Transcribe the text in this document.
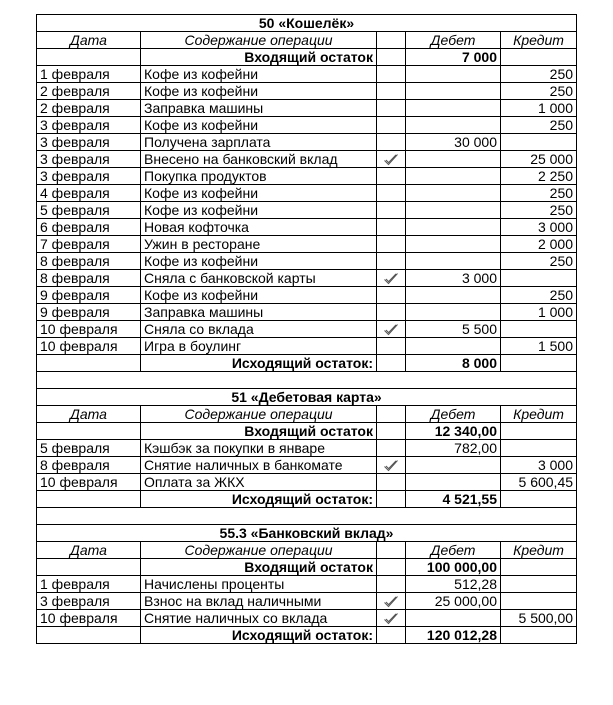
50 «Кошелёк»				
Дата	Содержание операции		Дебет	Кредит
	Входящий остаток		7 000	
1 февраля	Кофе из кофейни			250
2 февраля	Кофе из кофейни			250
2 февраля	Заправка машины			1 000
3 февраля	Кофе из кофейни			250
3 февраля	Получена зарплата		30 000	
3 февраля	Внесено на банковский вклад			25 000
3 февраля	Покупка продуктов			2 250
4 февраля	Кофе из кофейни			250
5 февраля	Кофе из кофейни			250
6 февраля	Новая кофточка			3 000
7 февраля	Ужин в ресторане			2 000
8 февраля	Кофе из кофейни			250
8 февраля	Сняла с банковской карты		3 000	
9 февраля	Кофе из кофейни			250
9 февраля	Заправка машины			1 000
10 февраля	Сняла со вклада		5 500	
10 февраля	Игра в боулинг			1 500
	Исходящий остаток:		8 000	

51 «Дебетовая карта»				
Дата	Содержание операции		Дебет	Кредит
	Входящий остаток		12 340,00	
5 февраля	Кэшбэк за покупки в январе		782,00	
8 февраля	Снятие наличных в банкомате			3 000
10 февраля	Оплата за ЖКХ			5 600,45
	Исходящий остаток:		4 521,55	

55.3 «Банковский вклад»				
Дата	Содержание операции		Дебет	Кредит
	Входящий остаток		100 000,00	
1 февраля	Начислены проценты		512,28	
3 февраля	Взнос на вклад наличными		25 000,00	
10 февраля	Снятие наличных со вклада			5 500,00
	Исходящий остаток:		120 012,28	
